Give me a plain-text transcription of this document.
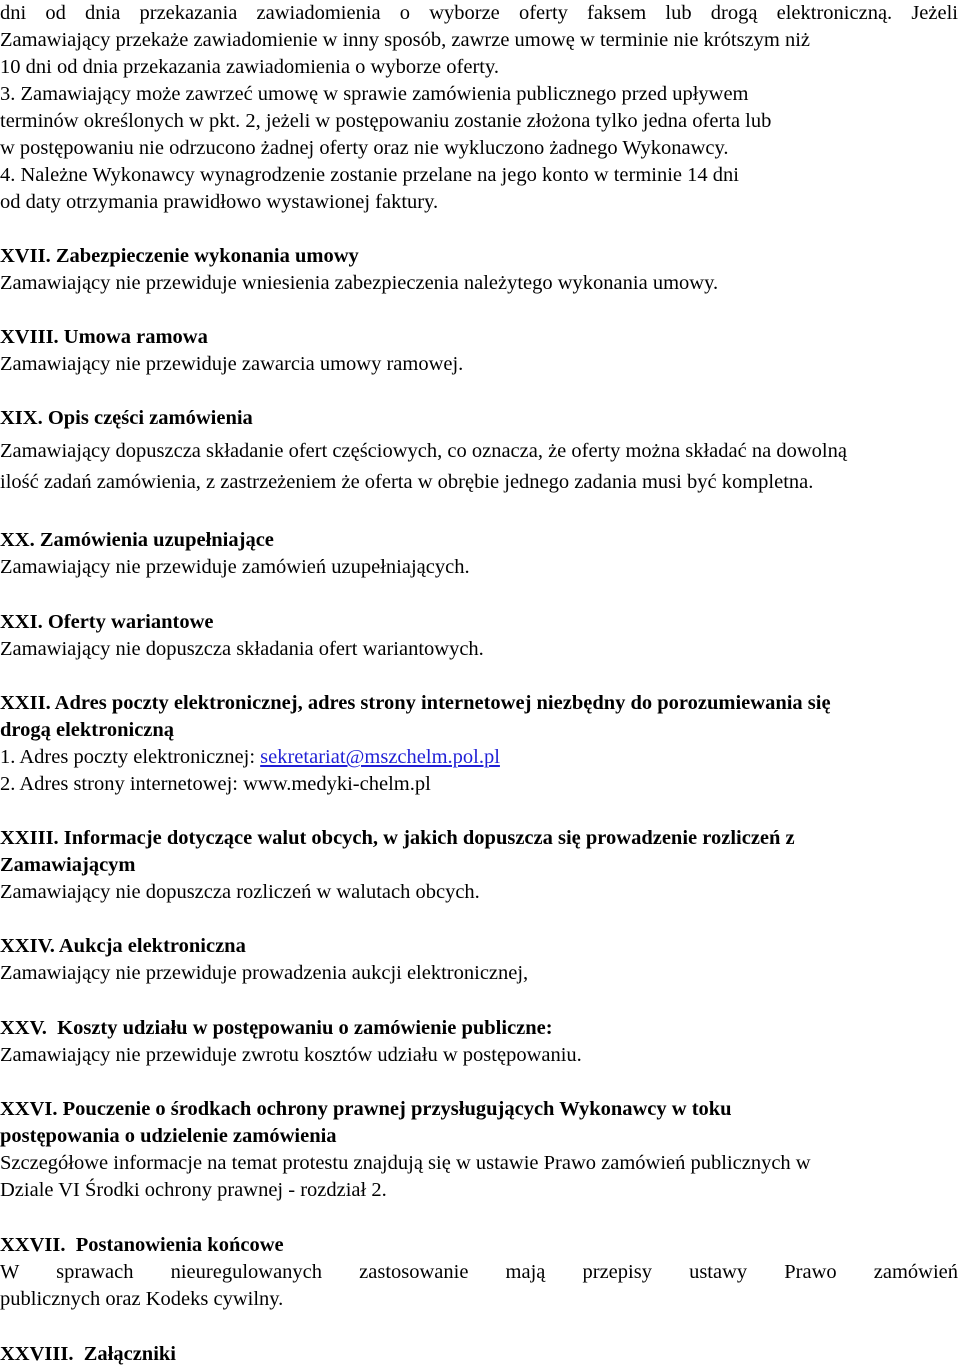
dni od dnia przekazania zawiadomienia o wyborze oferty faksem lub drogą elektroniczną. Jeżeli
Zamawiający przekaże zawiadomienie w inny sposób, zawrze umowę w terminie nie krótszym niż
10 dni od dnia przekazania zawiadomienia o wyborze oferty.
3. Zamawiający może zawrzeć umowę w sprawie zamówienia publicznego przed upływem
terminów określonych w pkt. 2, jeżeli w postępowaniu zostanie złożona tylko jedna oferta lub
w postępowaniu nie odrzucono żadnej oferty oraz nie wykluczono żadnego Wykonawcy.
4. Należne Wykonawcy wynagrodzenie zostanie przelane na jego konto w terminie 14 dni
od daty otrzymania prawidłowo wystawionej faktury.
XVII. Zabezpieczenie wykonania umowy
Zamawiający nie przewiduje wniesienia zabezpieczenia należytego wykonania umowy.
XVIII. Umowa ramowa
Zamawiający nie przewiduje zawarcia umowy ramowej.
XIX. Opis części zamówienia
Zamawiający dopuszcza składanie ofert częściowych, co oznacza, że oferty można składać na dowolną
ilość zadań zamówienia, z zastrzeżeniem że oferta w obrębie jednego zadania musi być kompletna.
XX. Zamówienia uzupełniające
Zamawiający nie przewiduje zamówień uzupełniających.
XXI. Oferty wariantowe
Zamawiający nie dopuszcza składania ofert wariantowych.
XXII. Adres poczty elektronicznej, adres strony internetowej niezbędny do porozumiewania się
drogą elektroniczną
1. Adres poczty elektronicznej: sekretariat@mszchelm.pol.pl
2. Adres strony internetowej: www.medyki-chelm.pl
XXIII. Informacje dotyczące walut obcych, w jakich dopuszcza się prowadzenie rozliczeń z
Zamawiającym
Zamawiający nie dopuszcza rozliczeń w walutach obcych.
XXIV. Aukcja elektroniczna
Zamawiający nie przewiduje prowadzenia aukcji elektronicznej,
XXV.  Koszty udziału w postępowaniu o zamówienie publiczne:
Zamawiający nie przewiduje zwrotu kosztów udziału w postępowaniu.
XXVI. Pouczenie o środkach ochrony prawnej przysługujących Wykonawcy w toku
postępowania o udzielenie zamówienia
Szczegółowe informacje na temat protestu znajdują się w ustawie Prawo zamówień publicznych w
Dziale VI Środki ochrony prawnej - rozdział 2.
XXVII.  Postanowienia końcowe
W sprawach nieuregulowanych zastosowanie mają przepisy ustawy Prawo zamówień
publicznych oraz Kodeks cywilny.
XXVIII.  Załączniki
